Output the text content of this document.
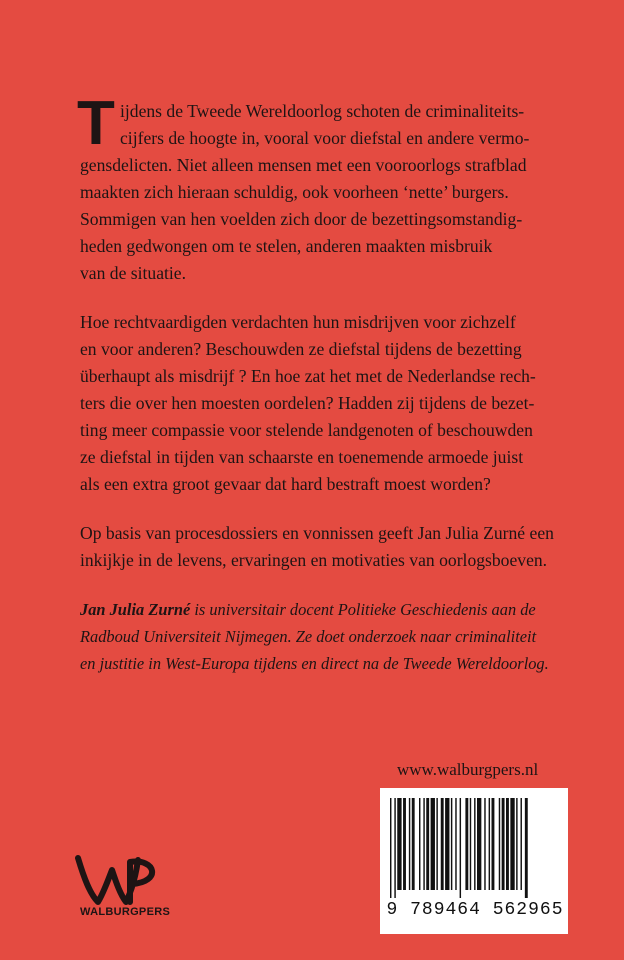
T ijdens de Tweede Wereldoorlog schoten de criminaliteits-
cijfers de hoogte in, vooral voor diefstal en andere vermo-
gensdelicten. Niet alleen mensen met een vooroorlogs strafblad
maakten zich hieraan schuldig, ook voorheen ‘nette’ burgers.
Sommigen van hen voelden zich door de bezettingsomstandig-
heden gedwongen om te stelen, anderen maakten misbruik
van de situatie.
Hoe rechtvaardigden verdachten hun misdrijven voor zichzelf
en voor anderen? Beschouwden ze diefstal tijdens de bezetting
überhaupt als misdrijf ? En hoe zat het met de Nederlandse rech-
ters die over hen moesten oordelen? Hadden zij tijdens de bezet-
ting meer compassie voor stelende landgenoten of beschouwden
ze diefstal in tijden van schaarste en toenemende armoede juist
als een extra groot gevaar dat hard bestraft moest worden?
Op basis van procesdossiers en vonnissen geeft Jan Julia Zurné een
inkijkje in de levens, ervaringen en motivaties van oorlogsboeven.
Jan Julia Zurné is universitair docent Politieke Geschiedenis aan de
Radboud Universiteit Nijmegen. Ze doet onderzoek naar criminaliteit
en justitie in West-Europa tijdens en direct na de Tweede Wereldoorlog.
www.walburgpers.nl
9 789464 562965
WALBURGPERS
